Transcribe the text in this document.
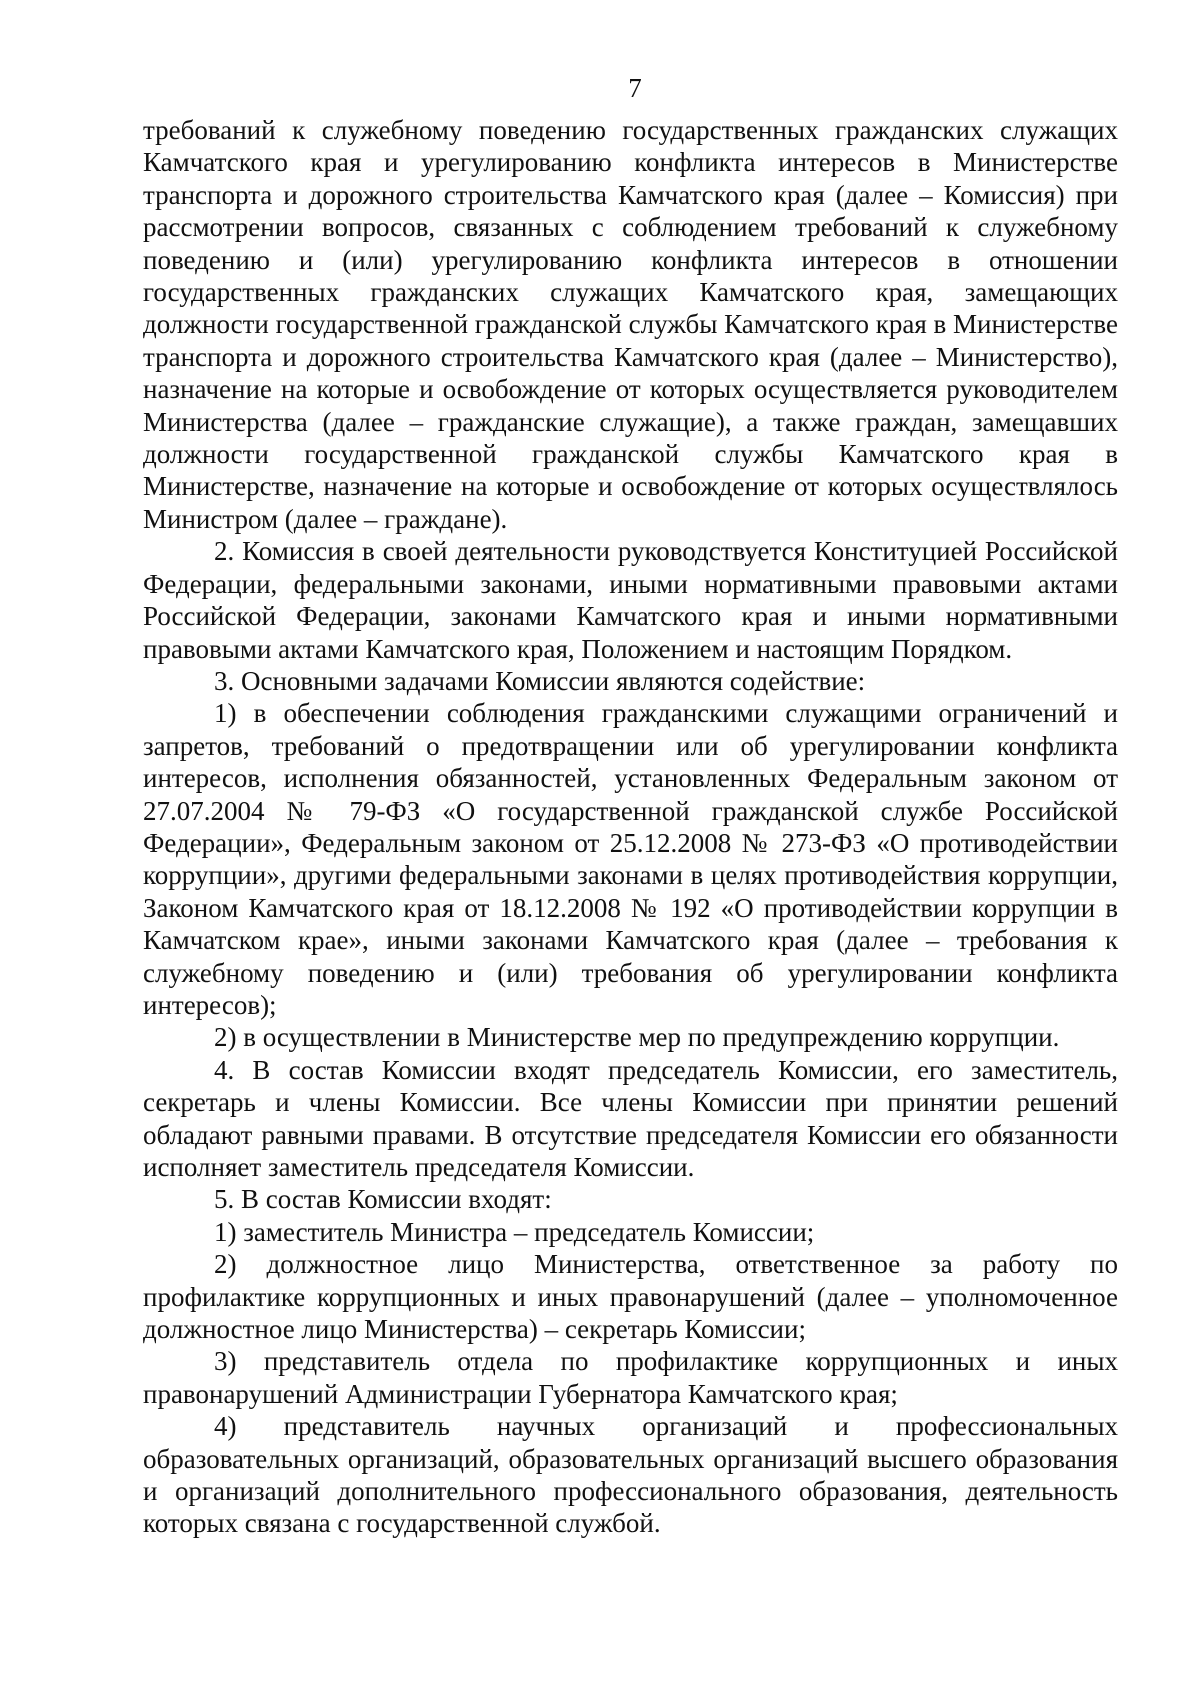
7

требований к служебному поведению государственных гражданских служащих Камчатского края и урегулированию конфликта интересов в Министерстве транспорта и дорожного строительства Камчатского края (далее – Комиссия) при рассмотрении вопросов, связанных с соблюдением требований к служебному поведению и (или) урегулированию конфликта интересов в отношении государственных гражданских служащих Камчатского края, замещающих должности государственной гражданской службы Камчатского края в Министерстве транспорта и дорожного строительства Камчатского края (далее – Министерство), назначение на которые и освобождение от которых осуществляется руководителем Министерства (далее – гражданские служащие), а также граждан, замещавших должности государственной гражданской службы Камчатского края в Министерстве, назначение на которые и освобождение от которых осуществлялось Министром (далее – граждане).

2. Комиссия в своей деятельности руководствуется Конституцией Российской Федерации, федеральными законами, иными нормативными правовыми актами Российской Федерации, законами Камчатского края и иными нормативными правовыми актами Камчатского края, Положением и настоящим Порядком.

3. Основными задачами Комиссии являются содействие:

1) в обеспечении соблюдения гражданскими служащими ограничений и запретов, требований о предотвращении или об урегулировании конфликта интересов, исполнения обязанностей, установленных Федеральным законом от 27.07.2004 № 79-ФЗ «О государственной гражданской службе Российской Федерации», Федеральным законом от 25.12.2008 № 273-ФЗ «О противодействии коррупции», другими федеральными законами в целях противодействия коррупции, Законом Камчатского края от 18.12.2008 № 192 «О противодействии коррупции в Камчатском крае», иными законами Камчатского края (далее – требования к служебному поведению и (или) требования об урегулировании конфликта интересов);

2) в осуществлении в Министерстве мер по предупреждению коррупции.

4. В состав Комиссии входят председатель Комиссии, его заместитель, секретарь и члены Комиссии. Все члены Комиссии при принятии решений обладают равными правами. В отсутствие председателя Комиссии его обязанности исполняет заместитель председателя Комиссии.

5. В состав Комиссии входят:

1) заместитель Министра – председатель Комиссии;

2) должностное лицо Министерства, ответственное за работу по профилактике коррупционных и иных правонарушений (далее – уполномоченное должностное лицо Министерства) – секретарь Комиссии;

3) представитель отдела по профилактике коррупционных и иных правонарушений Администрации Губернатора Камчатского края;

4) представитель научных организаций и профессиональных образовательных организаций, образовательных организаций высшего образования и организаций дополнительного профессионального образования, деятельность которых связана с государственной службой.
